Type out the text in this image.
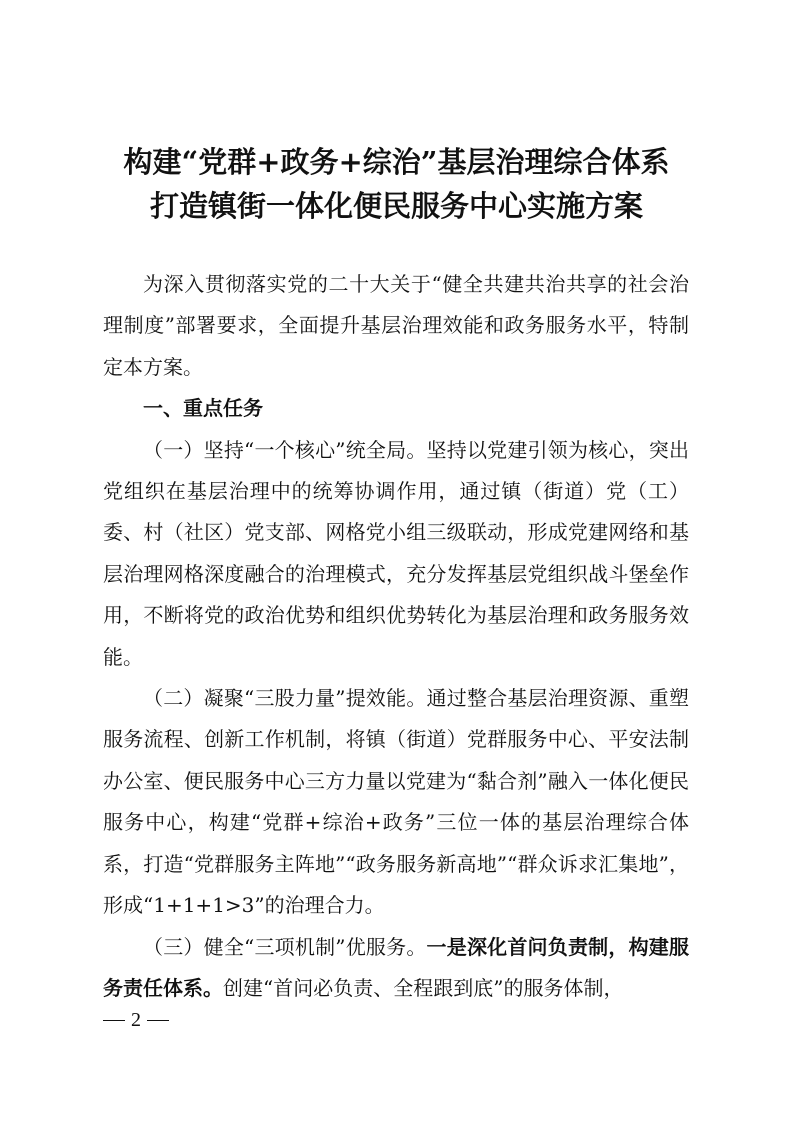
构建“党群+政务+综治”基层治理综合体系
打造镇街一体化便民服务中心实施方案

为深入贯彻落实党的二十大关于“健全共建共治共享的社会治理制度”部署要求，全面提升基层治理效能和政务服务水平，特制定本方案。

一、重点任务

（一）坚持“一个核心”统全局。坚持以党建引领为核心，突出党组织在基层治理中的统筹协调作用，通过镇（街道）党（工）委、村（社区）党支部、网格党小组三级联动，形成党建网络和基层治理网格深度融合的治理模式，充分发挥基层党组织战斗堡垒作用，不断将党的政治优势和组织优势转化为基层治理和政务服务效能。

（二）凝聚“三股力量”提效能。通过整合基层治理资源、重塑服务流程、创新工作机制，将镇（街道）党群服务中心、平安法制办公室、便民服务中心三方力量以党建为“黏合剂”融入一体化便民服务中心，构建“党群+综治+政务”三位一体的基层治理综合体系，打造“党群服务主阵地”“政务服务新高地”“群众诉求汇集地”，形成“1+1+1>3”的治理合力。

（三）健全“三项机制”优服务。一是深化首问负责制，构建服务责任体系。创建“首问必负责、全程跟到底”的服务体制，

2
